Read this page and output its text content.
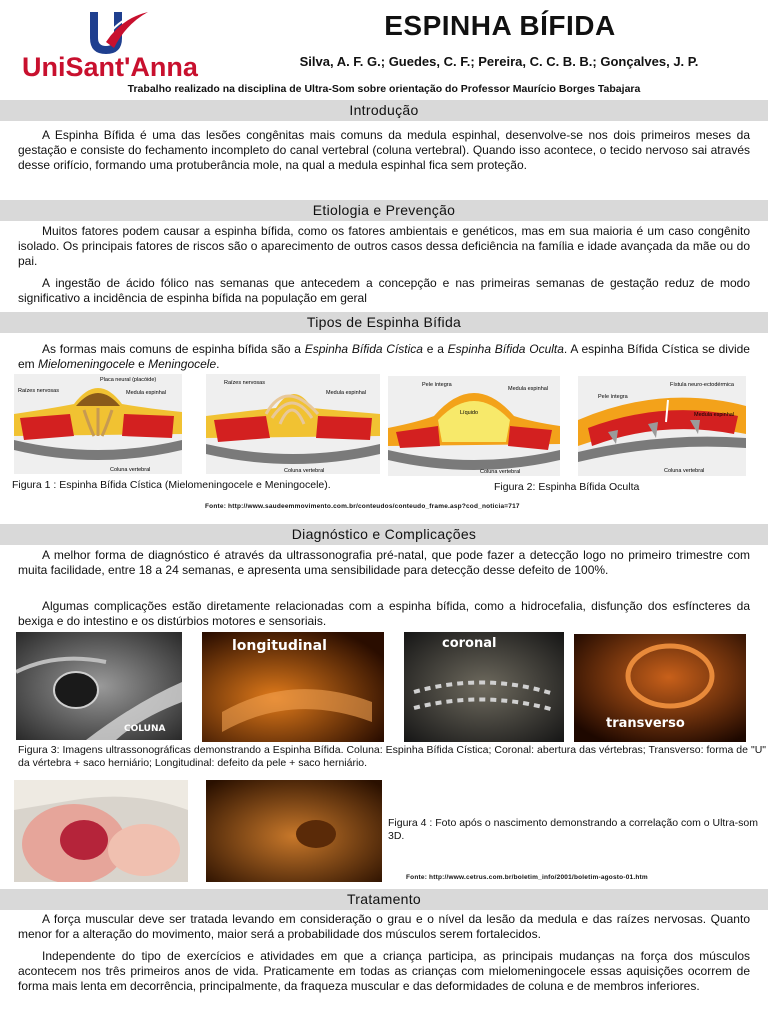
UniSant'Anna
ESPINHA BÍFIDA
Silva, A. F. G.; Guedes, C. F.; Pereira, C. C. B. B.; Gonçalves, J. P.
Trabalho realizado na disciplina de Ultra-Som sobre orientação do Professor Maurício Borges Tabajara
Introdução

A Espinha Bífida é uma das lesões congênitas mais comuns da medula espinhal, desenvolve-se nos dois primeiros meses da gestação e consiste do fechamento incompleto do canal vertebral (coluna vertebral). Quando isso acontece, o tecido nervoso sai através desse orifício, formando uma protuberância mole, na qual a medula espinhal fica sem proteção.

Etiologia e Prevenção

Muitos fatores podem causar a espinha bífida, como os fatores ambientais e genéticos, mas em sua maioria é um caso congênito isolado. Os principais fatores de riscos são o aparecimento de outros casos dessa deficiência na família e idade avançada da mãe ou do pai.

A ingestão de ácido fólico nas semanas que antecedem a concepção e nas primeiras semanas de gestação reduz de modo significativo a incidência de espinha bífida na população em geral

Tipos de Espinha Bífida

As formas mais comuns de espinha bífida são a Espinha Bífida Cística e a Espinha Bífida Oculta. A espinha Bífida Cística se divide em Mielomeningocele e Meningocele.

Placa neural (placóide)
Raízes nervosas	Medula espinhal
Coluna vertebral
Raízes nervosas
Medula espinhal
Coluna vertebral
Pele íntegra
Medula espinhal
Líquido
Coluna vertebral
Fístula neuro-ectodérmica
Pele íntegra
Medula espinhal
Coluna vertebral
Figura 1 : Espinha Bífida Cística (Mielomeningocele e Meningocele).	Figura 2: Espinha Bífida Oculta
Fonte: http://www.saudeemmovimento.com.br/conteudos/conteudo_frame.asp?cod_noticia=717
Diagnóstico e Complicações

A melhor forma de diagnóstico é através da ultrassonografia pré-natal, que pode fazer a detecção logo no primeiro trimestre com muita facilidade, entre 18 a 24 semanas, e apresenta uma sensibilidade para detecção desse defeito de 100%.

Algumas complicações estão diretamente relacionadas com a espinha bífida, como a hidrocefalia, disfunção dos esfíncteres da bexiga e do intestino e os distúrbios motores e sensoriais.

COLUNA
longitudinal	coronal
transverso
Figura 3: Imagens ultrassonográficas demonstrando a Espinha Bífida. Coluna: Espinha Bífida Cística; Coronal: abertura das vértebras; Transverso: forma de "U" da vértebra + saco herniário; Longitudinal: defeito da pele + saco herniário.
Figura 4 : Foto após o nascimento demonstrando a correlação com o Ultra-som 3D.
Fonte: http://www.cetrus.com.br/boletim_info/2001/boletim-agosto-01.htm
Tratamento

A força muscular deve ser tratada levando em consideração o grau e o nível da lesão da medula e das raízes nervosas. Quanto menor for a alteração do movimento, maior será a probabilidade dos músculos serem fortalecidos.

Independente do tipo de exercícios e atividades em que a criança participa, as principais mudanças na força dos músculos acontecem nos três primeiros anos de vida. Praticamente em todas as crianças com mielomeningocele essas aquisições ocorrem de forma mais lenta em decorrência, principalmente, da fraqueza muscular e das deformidades de coluna e de membros inferiores.
